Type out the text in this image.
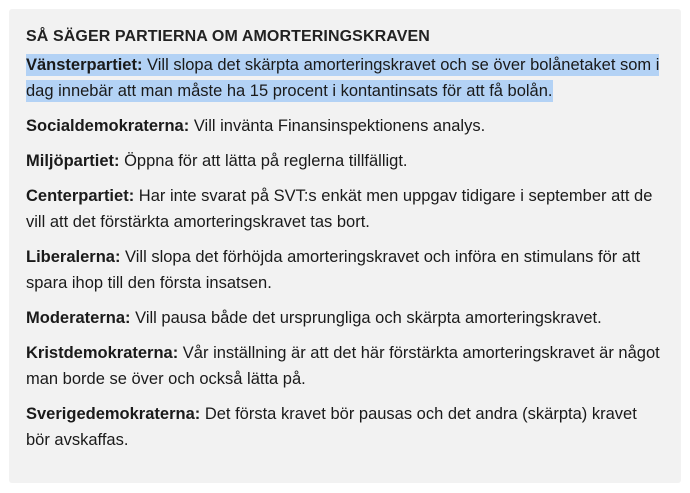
SÅ SÄGER PARTIERNA OM AMORTERINGSKRAVEN

Vänsterpartiet: Vill slopa det skärpta amorteringskravet och se över bolånetaket som i dag innebär att man måste ha 15 procent i kontantinsats för att få bolån.

Socialdemokraterna: Vill invänta Finansinspektionens analys.

Miljöpartiet: Öppna för att lätta på reglerna tillfälligt.

Centerpartiet: Har inte svarat på SVT:s enkät men uppgav tidigare i september att de vill att det förstärkta amorteringskravet tas bort.

Liberalerna: Vill slopa det förhöjda amorteringskravet och införa en stimulans för att spara ihop till den första insatsen.

Moderaterna: Vill pausa både det ursprungliga och skärpta amorteringskravet.

Kristdemokraterna: Vår inställning är att det här förstärkta amorteringskravet är något man borde se över och också lätta på.

Sverigedemokraterna: Det första kravet bör pausas och det andra (skärpta) kravet bör avskaffas.
